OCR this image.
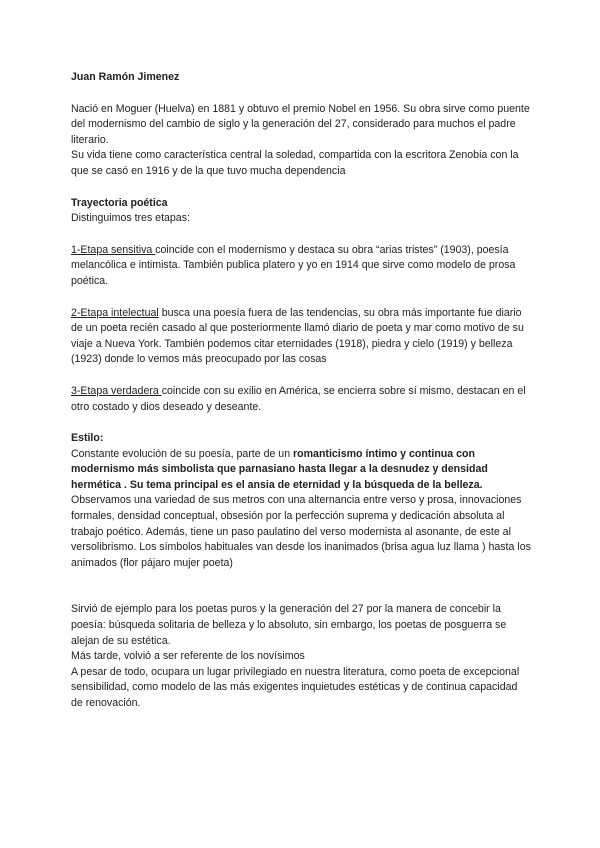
Juan Ramón Jimenez

Nació en Moguer (Huelva) en 1881 y obtuvo el premio Nobel en 1956. Su obra sirve como puente del modernismo del cambio de siglo y la generación del 27, considerado para muchos el padre literario.

Su vida tiene como característica central la soledad, compartida con la escritora Zenobia con la que se casó en 1916 y de la que tuvo mucha dependencia

Trayectoria poética

Distinguimos tres etapas:

1-Etapa sensitiva coincide con el modernismo y destaca su obra “arias tristes” (1903), poesía melancólica e intimista. También publica platero y yo en 1914 que sirve como modelo de prosa poética.

2-Etapa intelectual busca una poesía fuera de las tendencias, su obra más importante fue diario de un poeta recién casado al que posteriormente llamó diario de poeta y mar como motivo de su viaje a Nueva York. También podemos citar eternidades (1918), piedra y cielo (1919) y belleza (1923) donde lo vemos más preocupado por las cosas

3-Etapa verdadera coincide con su exilio en América, se encierra sobre sí mismo, destacan en el otro costado y dios deseado y deseante.

Estilo:

Constante evolución de su poesía, parte de un romanticismo íntimo y continua con modernismo más simbolista que parnasiano hasta llegar a la desnudez y densidad hermética . Su tema principal es el ansia de eternidad y la búsqueda de la belleza.

Observamos una variedad de sus metros con una alternancia entre verso y prosa, innovaciones formales, densidad conceptual, obsesión por la perfección suprema y dedicación absoluta al trabajo poético. Además, tiene un paso paulatino del verso modernista al asonante, de este al versolibrismo. Los símbolos habituales van desde los inanimados (brisa agua luz llama ) hasta los animados (flor pájaro mujer poeta)

Sirvió de ejemplo para los poetas puros y la generación del 27 por la manera de concebir la poesía: búsqueda solitaria de belleza y lo absoluto, sin embargo, los poetas de posguerra se alejan de su estética.

Más tarde, volvió a ser referente de los novísimos

A pesar de todo, ocupara un lugar privilegiado en nuestra literatura, como poeta de excepcional sensibilidad, como modelo de las más exigentes inquietudes estéticas y de continua capacidad de renovación.
